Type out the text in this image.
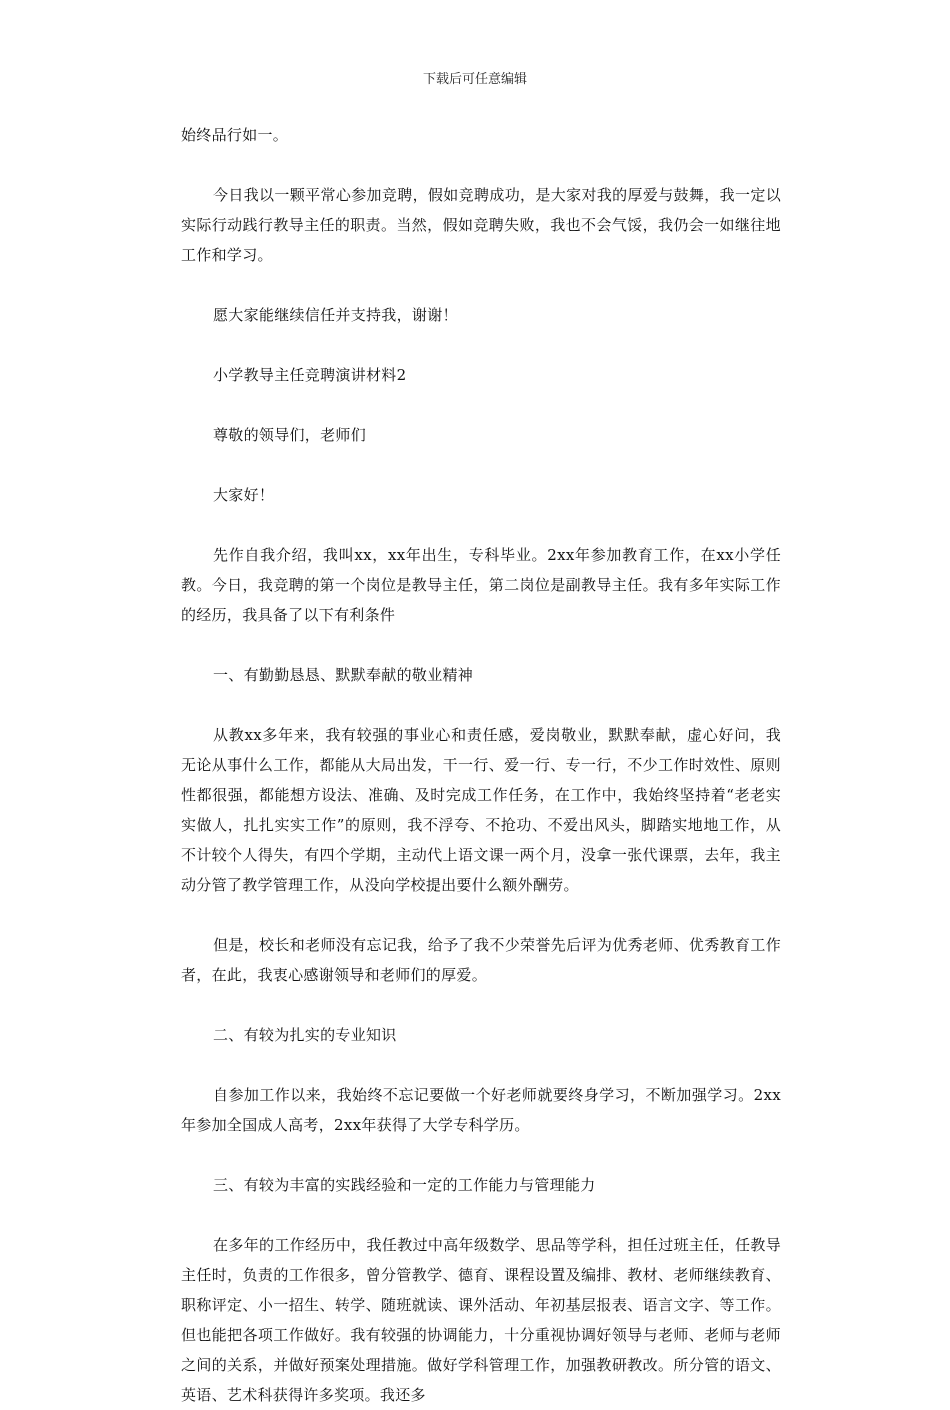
下载后可任意编辑

始终品行如一。

今日我以一颗平常心参加竞聘，假如竞聘成功，是大家对我的厚爱与鼓舞，我一定以实际行动践行教导主任的职责。当然，假如竞聘失败，我也不会气馁，我仍会一如继往地工作和学习。

愿大家能继续信任并支持我，谢谢！

小学教导主任竞聘演讲材料2

尊敬的领导们，老师们

大家好！

先作自我介绍，我叫xx，xx年出生，专科毕业。2xx年参加教育工作，在xx小学任教。今日，我竞聘的第一个岗位是教导主任，第二岗位是副教导主任。我有多年实际工作的经历，我具备了以下有利条件

一、有勤勤恳恳、默默奉献的敬业精神

从教xx多年来，我有较强的事业心和责任感，爱岗敬业，默默奉献，虚心好问，我无论从事什么工作，都能从大局出发，干一行、爱一行、专一行，不少工作时效性、原则性都很强，都能想方设法、准确、及时完成工作任务，在工作中，我始终坚持着“老老实实做人，扎扎实实工作”的原则，我不浮夸、不抢功、不爱出风头，脚踏实地地工作，从不计较个人得失，有四个学期，主动代上语文课一两个月，没拿一张代课票，去年，我主动分管了教学管理工作，从没向学校提出要什么额外酬劳。

但是，校长和老师没有忘记我，给予了我不少荣誉先后评为优秀老师、优秀教育工作者，在此，我衷心感谢领导和老师们的厚爱。

二、有较为扎实的专业知识

自参加工作以来，我始终不忘记要做一个好老师就要终身学习，不断加强学习。2xx年参加全国成人高考，2xx年获得了大学专科学历。

三、有较为丰富的实践经验和一定的工作能力与管理能力

在多年的工作经历中，我任教过中高年级数学、思品等学科，担任过班主任，任教导主任时，负责的工作很多，曾分管教学、德育、课程设置及编排、教材、老师继续教育、职称评定、小一招生、转学、随班就读、课外活动、年初基层报表、语言文字、等工作。但也能把各项工作做好。我有较强的协调能力，十分重视协调好领导与老师、老师与老师之间的关系，并做好预案处理措施。做好学科管理工作，加强教研教改。所分管的语文、英语、艺术科获得许多奖项。我还多
